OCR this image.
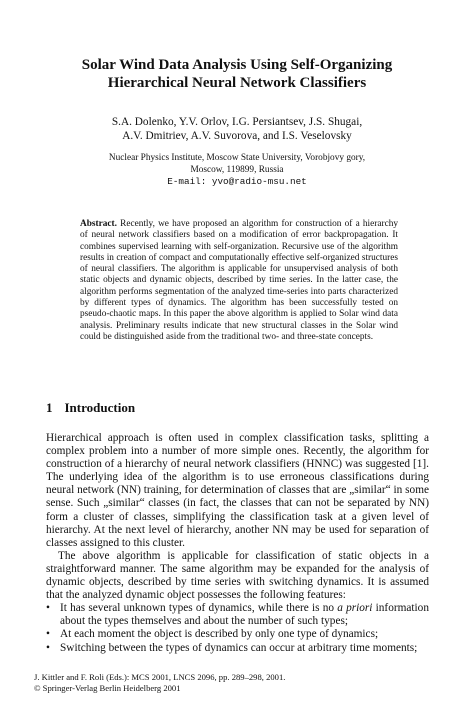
Solar Wind Data Analysis Using Self-Organizing Hierarchical Neural Network Classifiers
S.A. Dolenko, Y.V. Orlov, I.G. Persiantsev, J.S. Shugai,
A.V. Dmitriev, A.V. Suvorova, and I.S. Veselovsky
Nuclear Physics Institute, Moscow State University, Vorobjovy gory,
Moscow, 119899, Russia
E-mail: yvo@radio-msu.net
Abstract. Recently, we have proposed an algorithm for construction of a hierarchy of neural network classifiers based on a modification of error backpropagation. It combines supervised learning with self-organization. Recursive use of the algorithm results in creation of compact and computationally effective self-organized structures of neural classifiers. The algorithm is applicable for unsupervised analysis of both static objects and dynamic objects, described by time series. In the latter case, the algorithm performs segmentation of the analyzed time-series into parts characterized by different types of dynamics. The algorithm has been successfully tested on pseudo-chaotic maps. In this paper the above algorithm is applied to Solar wind data analysis. Preliminary results indicate that new structural classes in the Solar wind could be distinguished aside from the traditional two- and three-state concepts.
1 Introduction

Hierarchical approach is often used in complex classification tasks, splitting a complex problem into a number of more simple ones. Recently, the algorithm for construction of a hierarchy of neural network classifiers (HNNC) was suggested [1]. The underlying idea of the algorithm is to use erroneous classifications during neural network (NN) training, for determination of classes that are „similar“ in some sense. Such „similar“ classes (in fact, the classes that can not be separated by NN) form a cluster of classes, simplifying the classification task at a given level of hierarchy. At the next level of hierarchy, another NN may be used for separation of classes assigned to this cluster.

The above algorithm is applicable for classification of static objects in a straightforward manner. The same algorithm may be expanded for the analysis of dynamic objects, described by time series with switching dynamics. It is assumed that the analyzed dynamic object possesses the following features:

• It has several unknown types of dynamics, while there is no a priori information about the types themselves and about the number of such types;
• At each moment the object is described by only one type of dynamics;
• Switching between the types of dynamics can occur at arbitrary time moments;
J. Kittler and F. Roli (Eds.): MCS 2001, LNCS 2096, pp. 289–298, 2001.
© Springer-Verlag Berlin Heidelberg 2001
